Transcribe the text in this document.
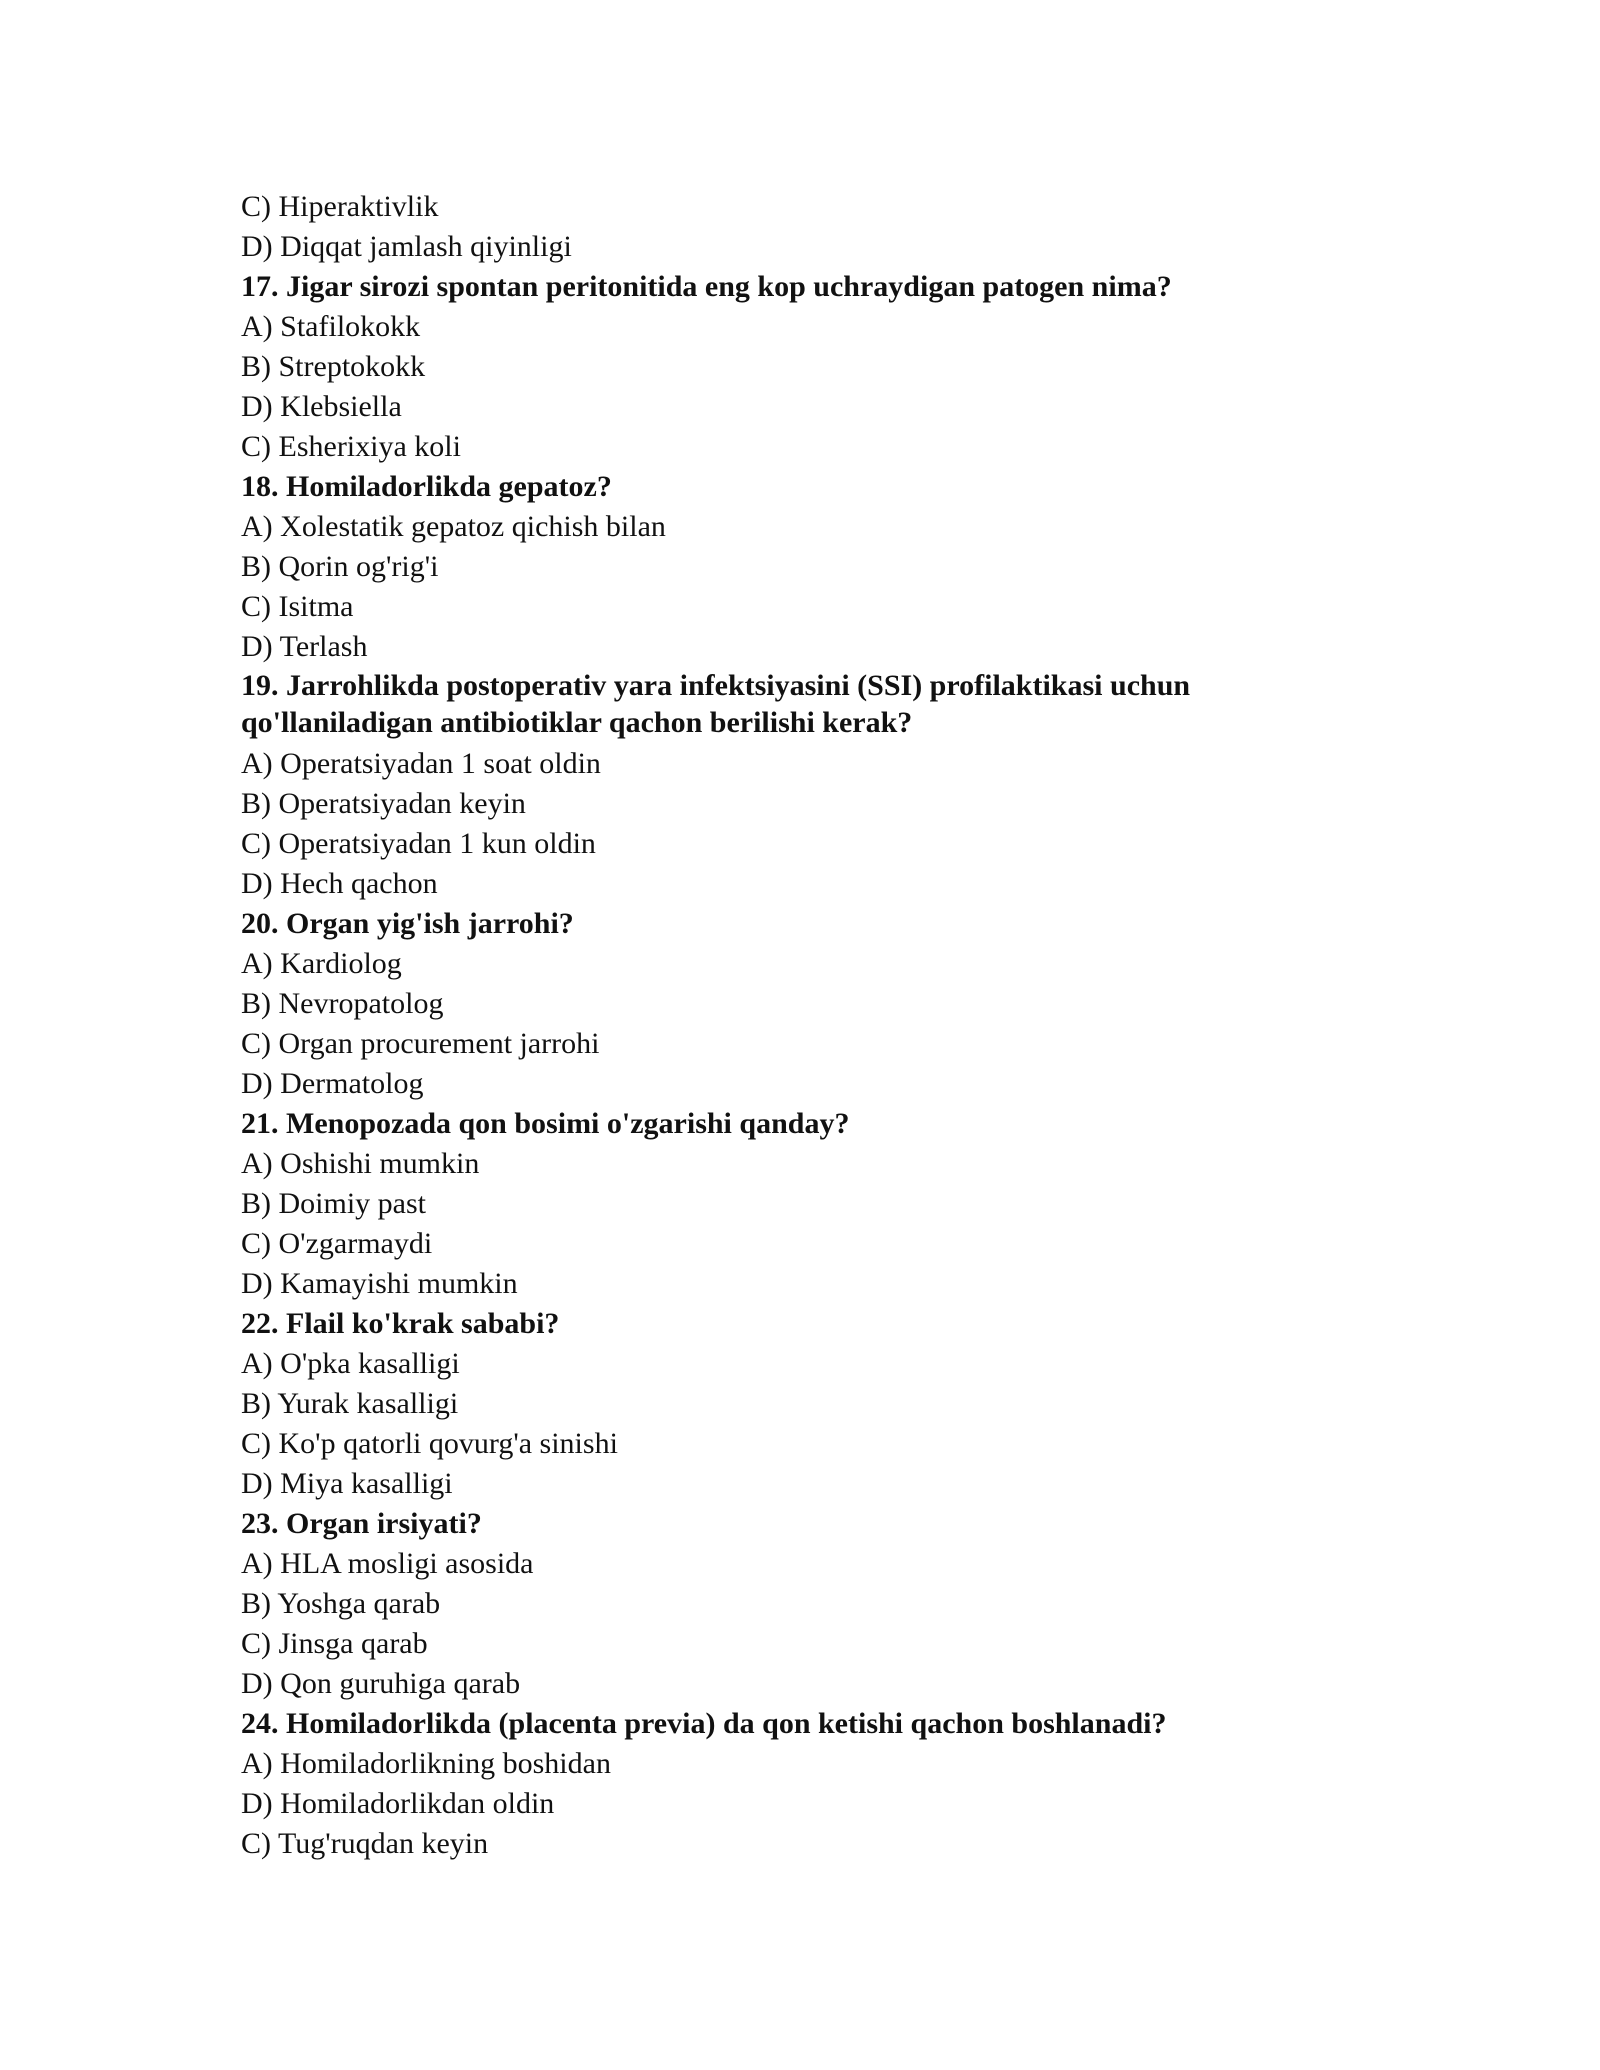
C) Hiperaktivlik
D) Diqqat jamlash qiyinligi
17. Jigar sirozi spontan peritonitida eng kop uchraydigan patogen nima?
A) Stafilokokk
B) Streptokokk
D) Klebsiella
C) Esherixiya koli
18. Homiladorlikda gepatoz?
A) Xolestatik gepatoz qichish bilan
B) Qorin og'rig'i
C) Isitma
D) Terlash
19. Jarrohlikda postoperativ yara infektsiyasini (SSI) profilaktikasi uchun qo'llaniladigan antibiotiklar qachon berilishi kerak?
A) Operatsiyadan 1 soat oldin
B) Operatsiyadan keyin
C) Operatsiyadan 1 kun oldin
D) Hech qachon
20. Organ yig'ish jarrohi?
A) Kardiolog
B) Nevropatolog
C) Organ procurement jarrohi
D) Dermatolog
21. Menopozada qon bosimi o'zgarishi qanday?
A) Oshishi mumkin
B) Doimiy past
C) O'zgarmaydi
D) Kamayishi mumkin
22. Flail ko'krak sababi?
A) O'pka kasalligi
B) Yurak kasalligi
C) Ko'p qatorli qovurg'a sinishi
D) Miya kasalligi
23. Organ irsiyati?
A) HLA mosligi asosida
B) Yoshga qarab
C) Jinsga qarab
D) Qon guruhiga qarab
24. Homiladorlikda (placenta previa) da qon ketishi qachon boshlanadi?
A) Homiladorlikning boshidan
D) Homiladorlikdan oldin
C) Tug'ruqdan keyin
